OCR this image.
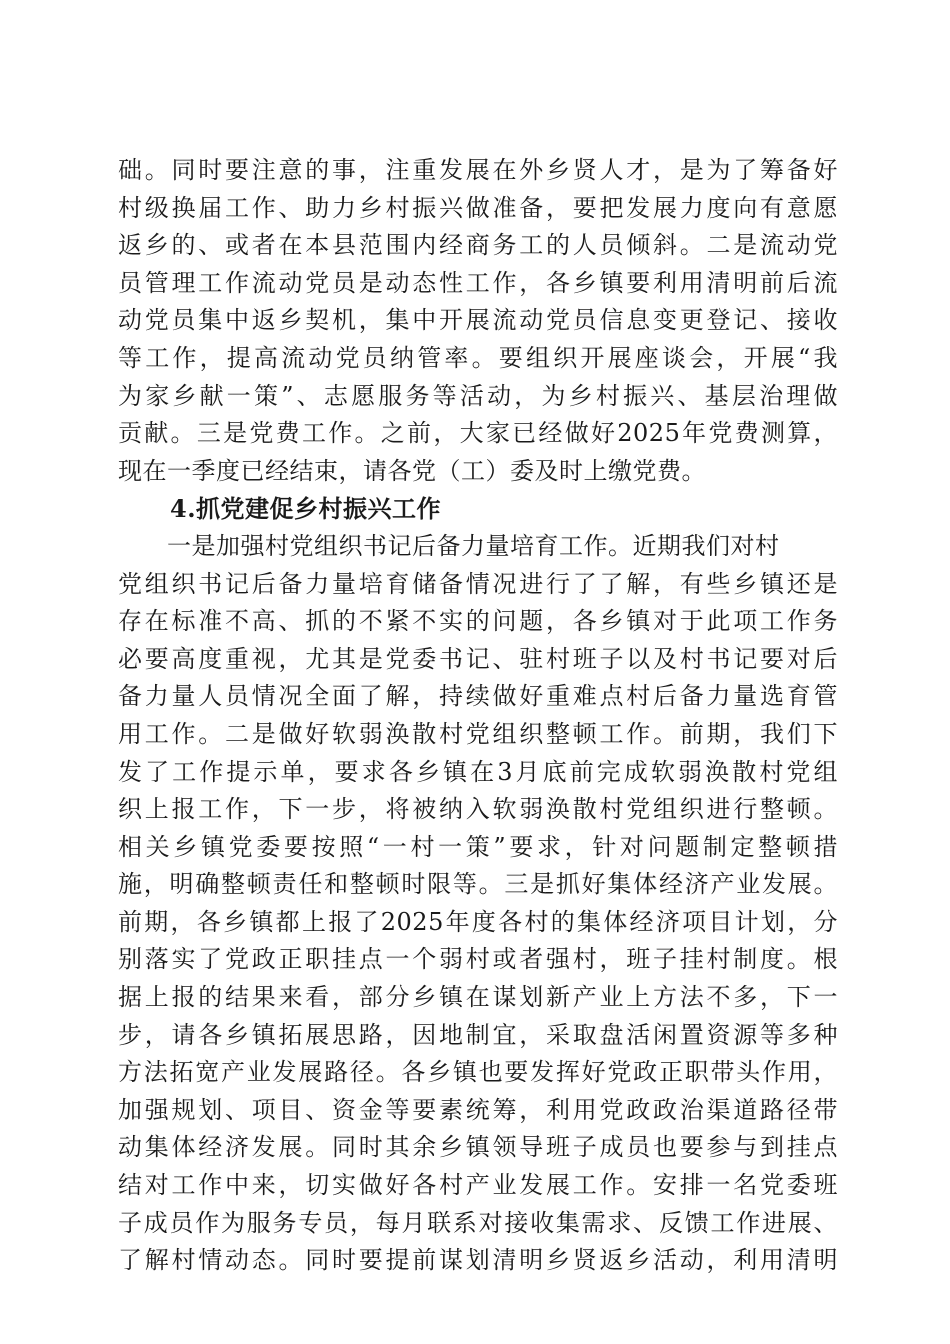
础。同时要注意的事，注重发展在外乡贤人才，是为了筹备好
村级换届工作、助力乡村振兴做准备，要把发展力度向有意愿
返乡的、或者在本县范围内经商务工的人员倾斜。二是流动党
员管理工作流动党员是动态性工作，各乡镇要利用清明前后流
动党员集中返乡契机，集中开展流动党员信息变更登记、接收
等工作，提高流动党员纳管率。要组织开展座谈会，开展“我
为家乡献一策”、志愿服务等活动，为乡村振兴、基层治理做
贡献。三是党费工作。之前，大家已经做好2025年党费测算，
现在一季度已经结束，请各党（工）委及时上缴党费。
4.抓党建促乡村振兴工作
　　一是加强村党组织书记后备力量培育工作。近期我们对村
党组织书记后备力量培育储备情况进行了了解，有些乡镇还是
存在标准不高、抓的不紧不实的问题，各乡镇对于此项工作务
必要高度重视，尤其是党委书记、驻村班子以及村书记要对后
备力量人员情况全面了解，持续做好重难点村后备力量选育管
用工作。二是做好软弱涣散村党组织整顿工作。前期，我们下
发了工作提示单，要求各乡镇在3月底前完成软弱涣散村党组
织上报工作，下一步，将被纳入软弱涣散村党组织进行整顿。
相关乡镇党委要按照“一村一策”要求，针对问题制定整顿措
施，明确整顿责任和整顿时限等。三是抓好集体经济产业发展。
前期，各乡镇都上报了2025年度各村的集体经济项目计划，分
别落实了党政正职挂点一个弱村或者强村，班子挂村制度。根
据上报的结果来看，部分乡镇在谋划新产业上方法不多，下一
步，请各乡镇拓展思路，因地制宜，采取盘活闲置资源等多种
方法拓宽产业发展路径。各乡镇也要发挥好党政正职带头作用，
加强规划、项目、资金等要素统筹，利用党政政治渠道路径带
动集体经济发展。同时其余乡镇领导班子成员也要参与到挂点
结对工作中来，切实做好各村产业发展工作。安排一名党委班
子成员作为服务专员，每月联系对接收集需求、反馈工作进展、
了解村情动态。同时要提前谋划清明乡贤返乡活动，利用清明
